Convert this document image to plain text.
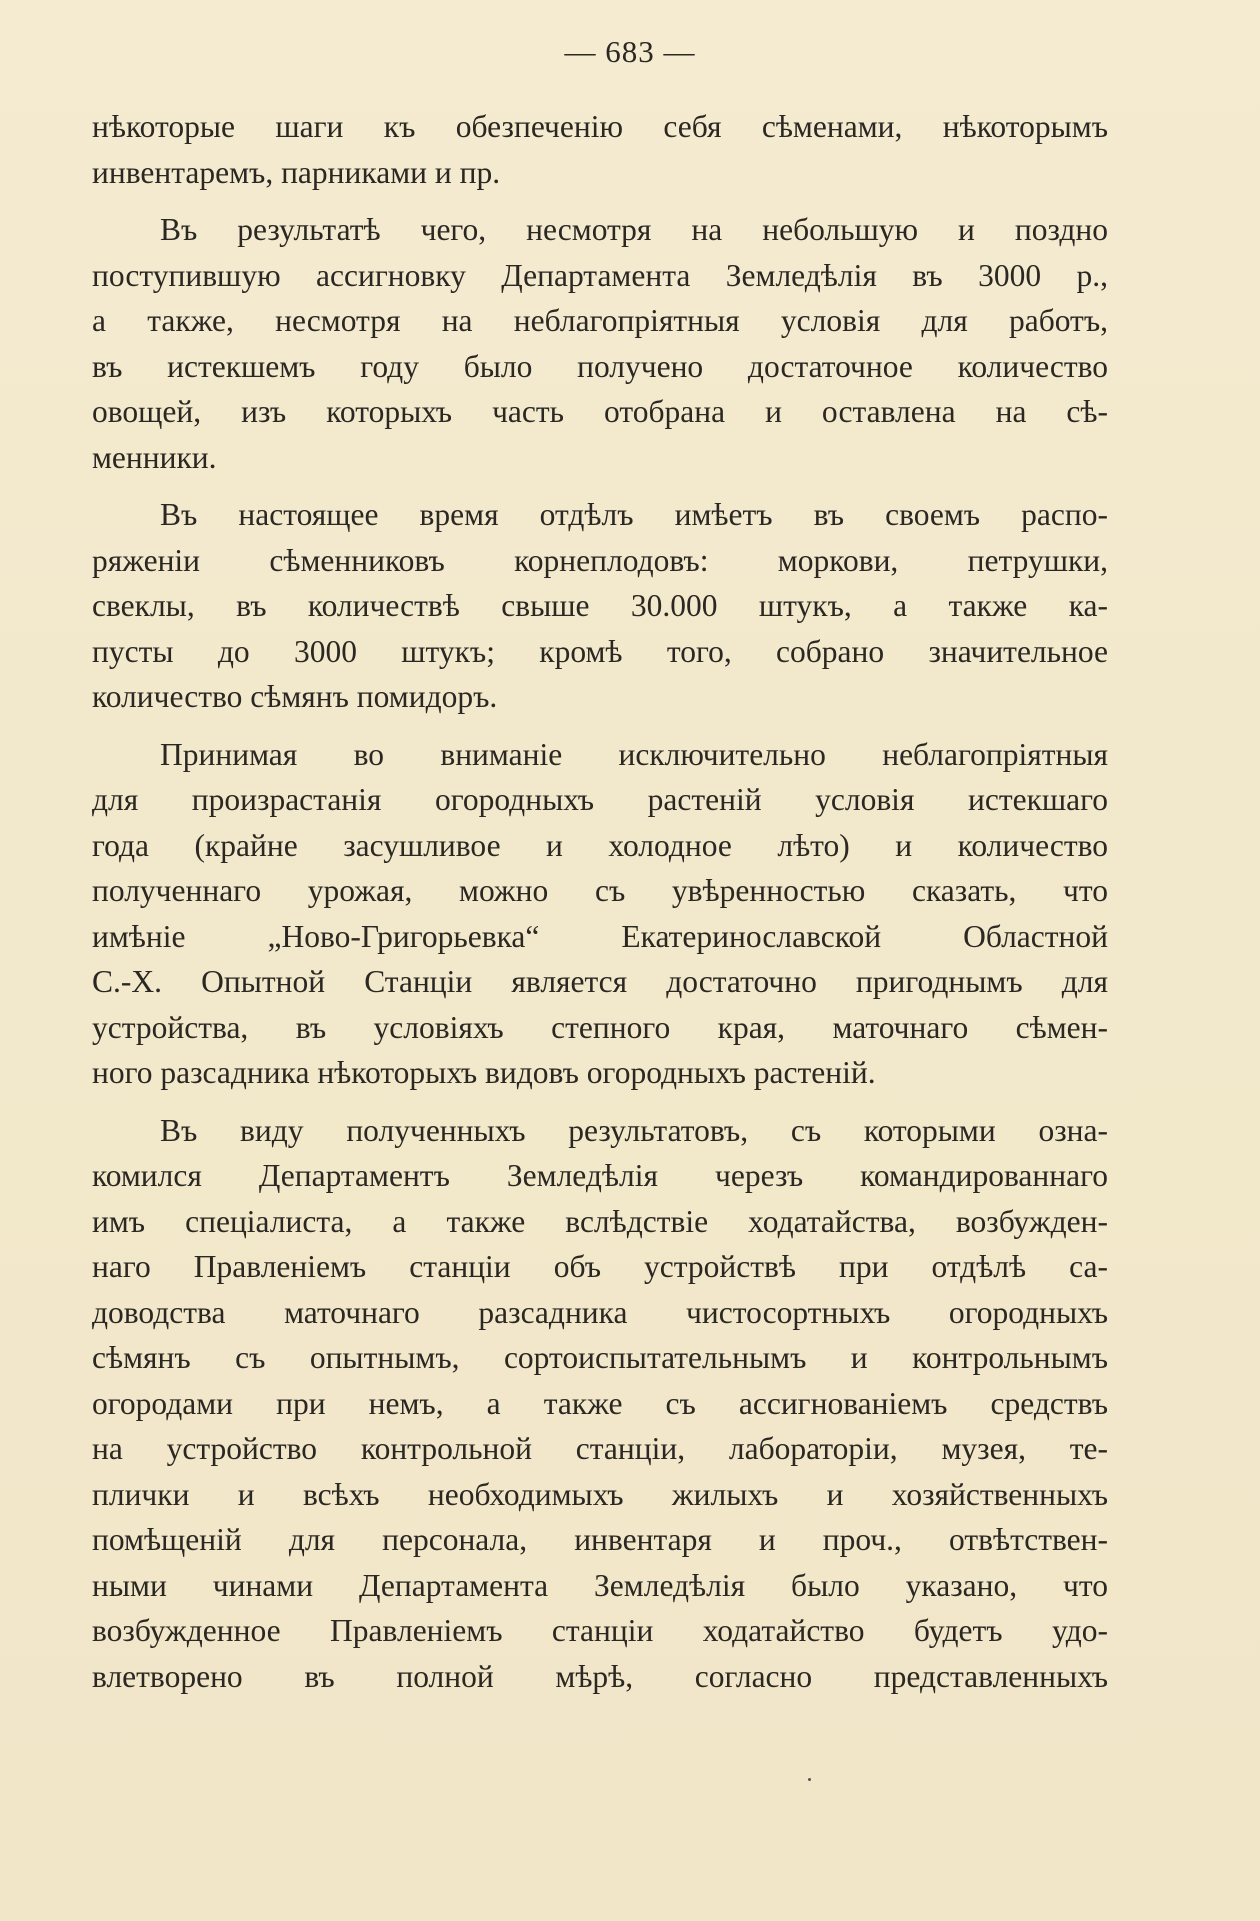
— 683 —

нѣкоторые шаги къ обезпеченію себя сѣменами, нѣкоторымъ
инвентаремъ, парниками и пр.

Въ результатѣ чего, несмотря на небольшую и поздно
поступившую ассигновку Департамента Земледѣлія въ 3000 р.,
а также, несмотря на неблагопріятныя условія для работъ,
въ истекшемъ году было получено достаточное количество
овощей, изъ которыхъ часть отобрана и оставлена на сѣ-
менники.

Въ настоящее время отдѣлъ имѣетъ въ своемъ распо-
ряженіи сѣменниковъ корнеплодовъ: моркови, петрушки,
свеклы, въ количествѣ свыше 30.000 штукъ, а также ка-
пусты до 3000 штукъ; кромѣ того, собрано значительное
количество сѣмянъ помидоръ.

Принимая во вниманіе исключительно неблагопріятныя
для произрастанія огородныхъ растеній условія истекшаго
года (крайне засушливое и холодное лѣто) и количество
полученнаго урожая, можно съ увѣренностью сказать, что
имѣніе „Ново-Григорьевка“ Екатеринославской Областной
С.-Х. Опытной Станціи является достаточно пригоднымъ для
устройства, въ условіяхъ степного края, маточнаго сѣмен-
ного разсадника нѣкоторыхъ видовъ огородныхъ растеній.

Въ виду полученныхъ результатовъ, съ которыми озна-
комился Департаментъ Земледѣлія черезъ командированнаго
имъ спеціалиста, а также вслѣдствіе ходатайства, возбужден-
наго Правленіемъ станціи объ устройствѣ при отдѣлѣ са-
доводства маточнаго разсадника чистосортныхъ огородныхъ
сѣмянъ съ опытнымъ, сортоиспытательнымъ и контрольнымъ
огородами при немъ, а также съ ассигнованіемъ средствъ
на устройство контрольной станціи, лабораторіи, музея, те-
плички и всѣхъ необходимыхъ жилыхъ и хозяйственныхъ
помѣщеній для персонала, инвентаря и проч., отвѣтствен-
ными чинами Департамента Земледѣлія было указано, что
возбужденное Правленіемъ станціи ходатайство будетъ удо-
влетворено въ полной мѣрѣ, согласно представленныхъ
